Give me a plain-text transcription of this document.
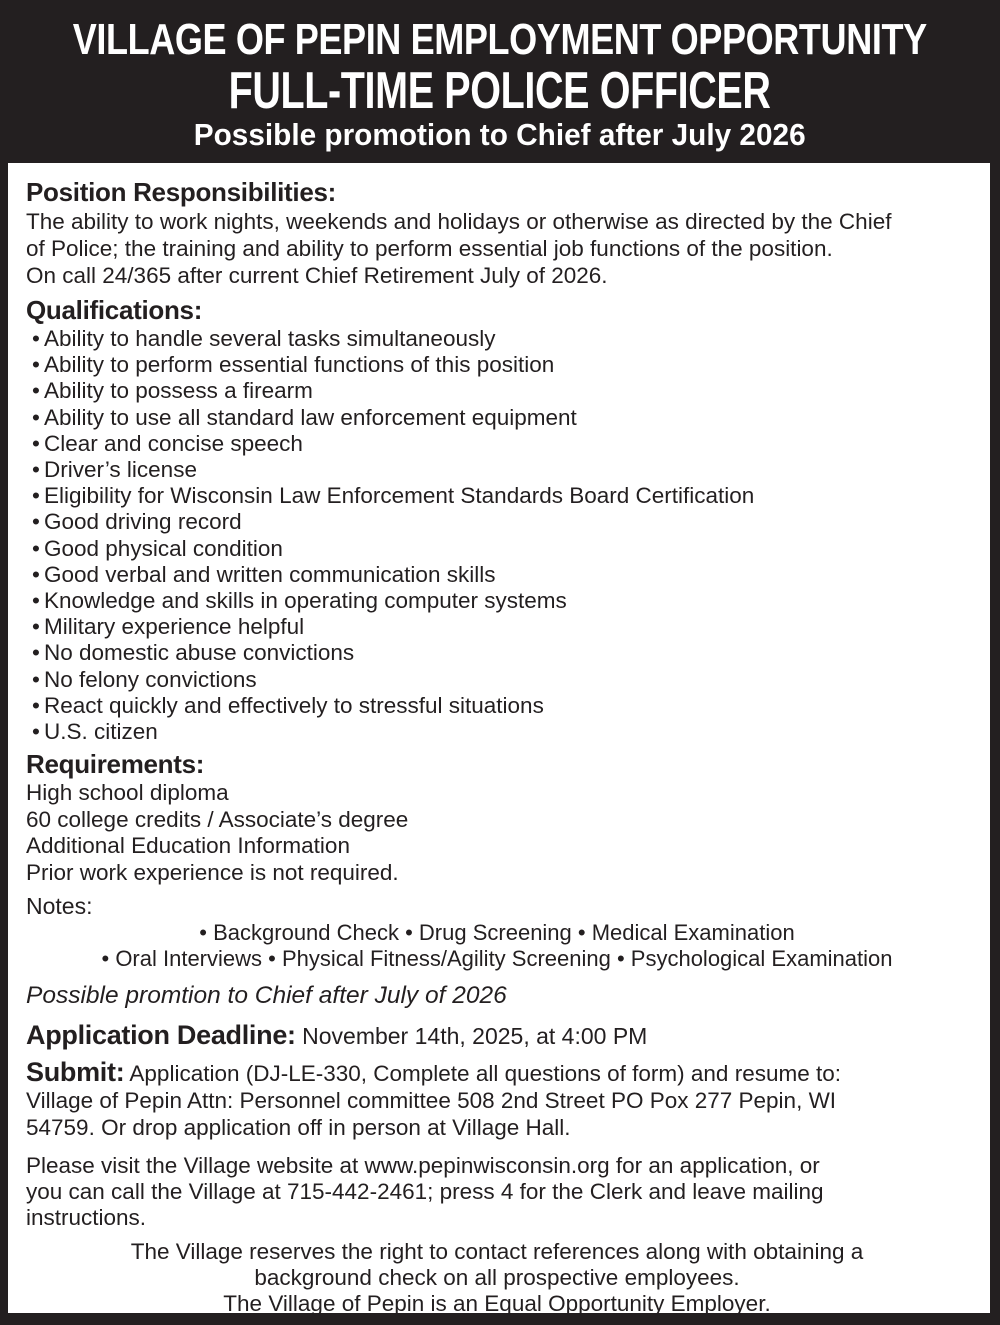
VILLAGE OF PEPIN EMPLOYMENT OPPORTUNITY
FULL-TIME POLICE OFFICER
Possible promotion to Chief after July 2026
Position Responsibilities:
The ability to work nights, weekends and holidays or otherwise as directed by the Chief
of Police; the training and ability to perform essential job functions of the position.
On call 24/365 after current Chief Retirement July of 2026.
Qualifications:
• Ability to handle several tasks simultaneously
• Ability to perform essential functions of this position
• Ability to possess a firearm
• Ability to use all standard law enforcement equipment
• Clear and concise speech
• Driver’s license
• Eligibility for Wisconsin Law Enforcement Standards Board Certification
• Good driving record
• Good physical condition
• Good verbal and written communication skills
• Knowledge and skills in operating computer systems
• Military experience helpful
• No domestic abuse convictions
• No felony convictions
• React quickly and effectively to stressful situations
• U.S. citizen
Requirements:
High school diploma
60 college credits / Associate’s degree
Additional Education Information
Prior work experience is not required.
Notes:
• Background Check • Drug Screening • Medical Examination
• Oral Interviews • Physical Fitness/Agility Screening • Psychological Examination
Possible promtion to Chief after July of 2026
Application Deadline: November 14th, 2025, at 4:00 PM
Submit: Application (DJ-LE-330, Complete all questions of form) and resume to:
Village of Pepin Attn: Personnel committee 508 2nd Street PO Pox 277 Pepin, WI
54759. Or drop application off in person at Village Hall.
Please visit the Village website at www.pepinwisconsin.org for an application, or
you can call the Village at 715-442-2461; press 4 for the Clerk and leave mailing
instructions.
The Village reserves the right to contact references along with obtaining a
background check on all prospective employees.
The Village of Pepin is an Equal Opportunity Employer.
